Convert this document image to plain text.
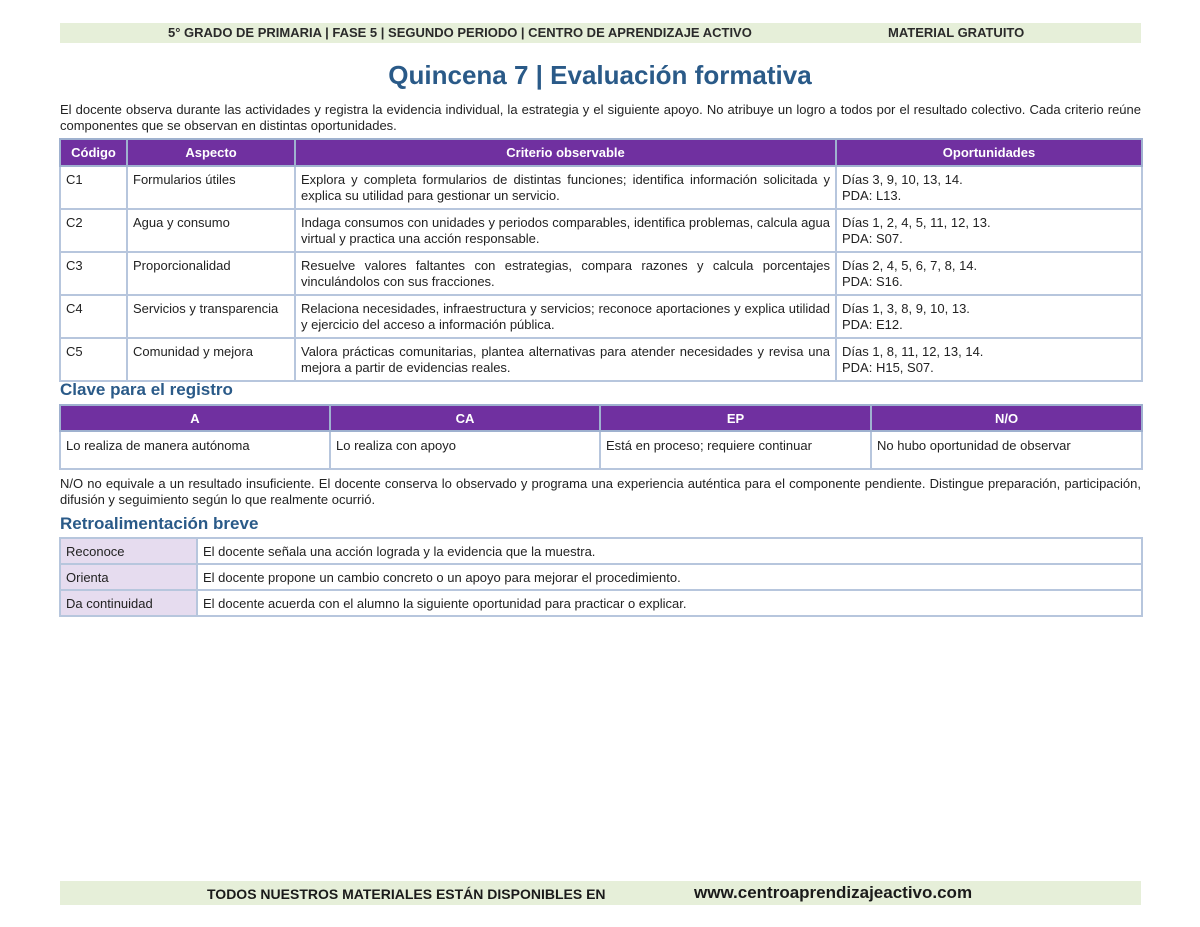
5° GRADO DE PRIMARIA | FASE 5 | SEGUNDO PERIODO | CENTRO DE APRENDIZAJE ACTIVO	MATERIAL GRATUITO
Quincena 7 | Evaluación formativa
El docente observa durante las actividades y registra la evidencia individual, la estrategia y el siguiente apoyo. No atribuye un logro a todos por el resultado colectivo. Cada criterio reúne componentes que se observan en distintas oportunidades.
Código	Aspecto	Criterio observable	Oportunidades
C1	Formularios útiles	Explora y completa formularios de distintas funciones; identifica información solicitada y explica su utilidad para gestionar un servicio.	Días 3, 9, 10, 13, 14.
PDA: L13.

C2	Agua y consumo	Indaga consumos con unidades y periodos comparables, identifica problemas, calcula agua virtual y practica una acción responsable.	Días 1, 2, 4, 5, 11, 12, 13.
PDA: S07.

C3	Proporcionalidad	Resuelve valores faltantes con estrategias, compara razones y calcula porcentajes vinculándolos con sus fracciones.	Días 2, 4, 5, 6, 7, 8, 14.
PDA: S16.

C4	Servicios y transparencia	Relaciona necesidades, infraestructura y servicios; reconoce aportaciones y explica utilidad y ejercicio del acceso a información pública.	Días 1, 3, 8, 9, 10, 13.
PDA: E12.

C5	Comunidad y mejora	Valora prácticas comunitarias, plantea alternativas para atender necesidades y revisa una mejora a partir de evidencias reales.	Días 1, 8, 11, 12, 13, 14.
PDA: H15, S07.
Clave para el registro
A	CA	EP	N/O
Lo realiza de manera autónoma	Lo realiza con apoyo	Está en proceso; requiere continuar	No hubo oportunidad de observar
N/O no equivale a un resultado insuficiente. El docente conserva lo observado y programa una experiencia auténtica para el componente pendiente. Distingue preparación, participación, difusión y seguimiento según lo que realmente ocurrió.
Retroalimentación breve
Reconoce	El docente señala una acción lograda y la evidencia que la muestra.
Orienta	El docente propone un cambio concreto o un apoyo para mejorar el procedimiento.
Da continuidad	El docente acuerda con el alumno la siguiente oportunidad para practicar o explicar.
TODOS NUESTROS MATERIALES ESTÁN DISPONIBLES EN	www.centroaprendizajeactivo.com
